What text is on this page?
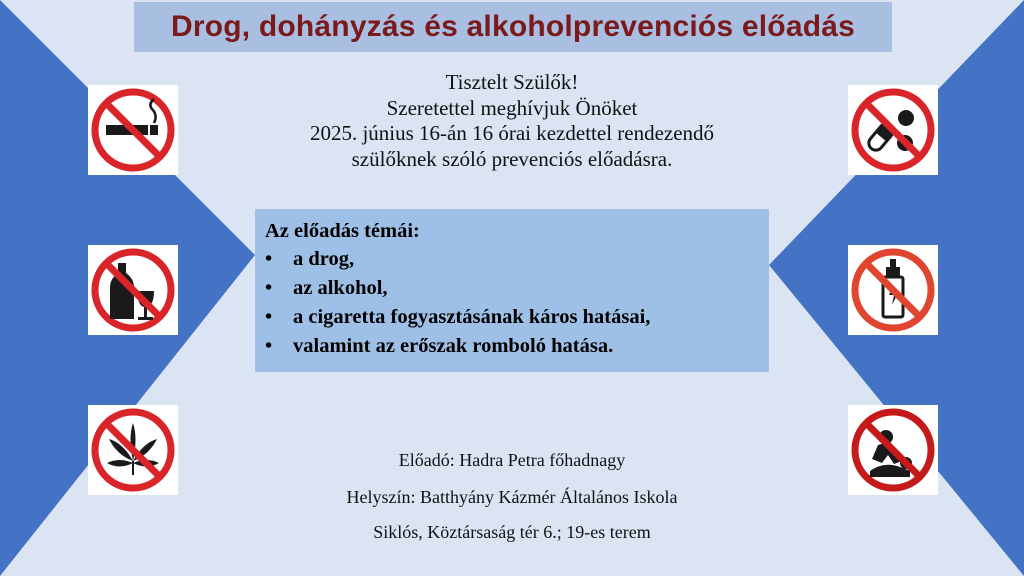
Drog, dohányzás és alkoholprevenciós előadás
Tisztelt Szülők!
Szeretettel meghívjuk Önöket
2025. június 16-án 16 órai kezdettel rendezendő
szülőknek szóló prevenciós előadásra.
Az előadás témái:
• a drog,
• az alkohol,
• a cigaretta fogyasztásának káros hatásai,
• valamint az erőszak romboló hatása.
Előadó: Hadra Petra főhadnagy
Helyszín: Batthyány Kázmér Általános Iskola
Siklós, Köztársaság tér 6.; 19-es terem
